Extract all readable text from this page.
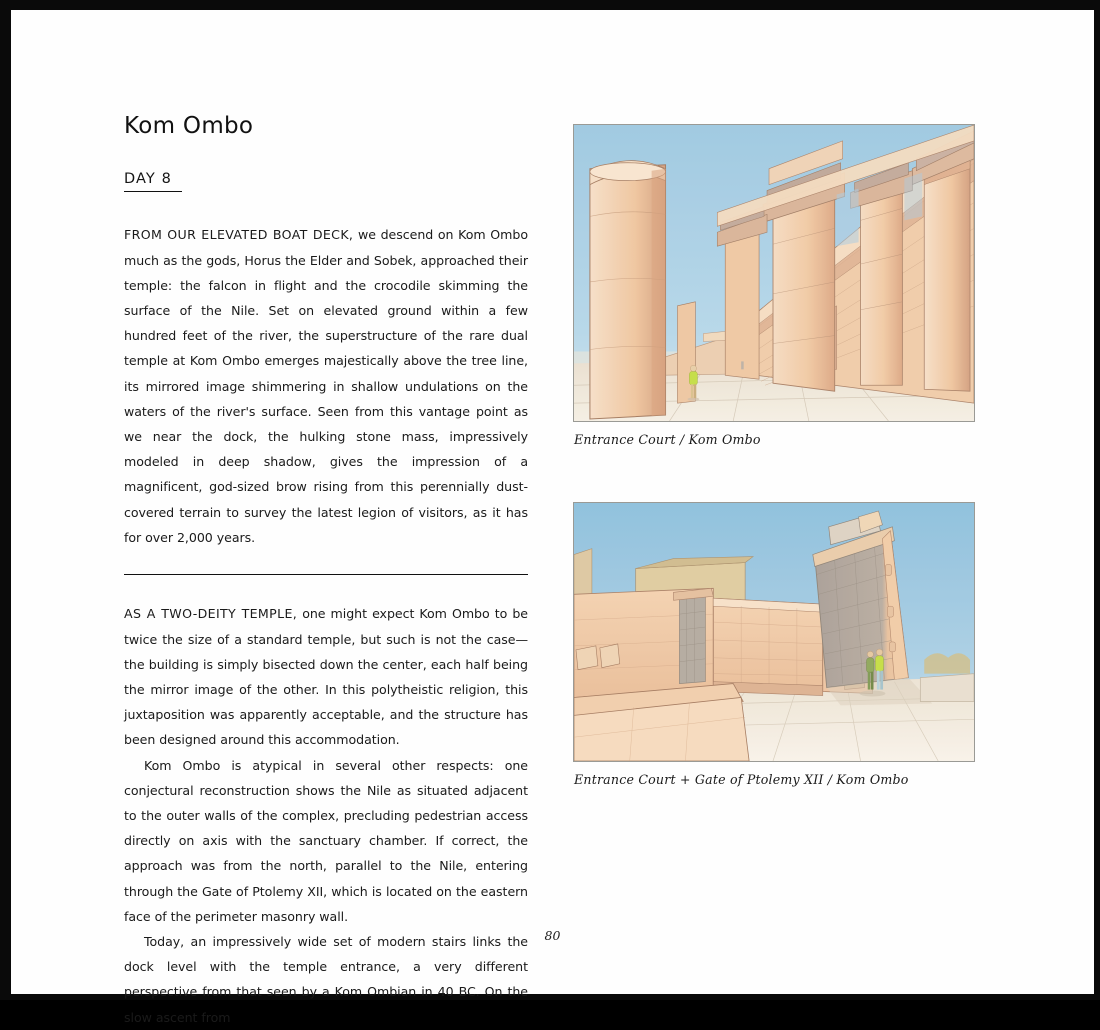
Kom Ombo
DAY 8

FROM OUR ELEVATED BOAT DECK, we descend on Kom Ombo much as the gods, Horus the Elder and Sobek, approached their temple: the falcon in flight and the crocodile skimming the surface of the Nile. Set on elevated ground within a few hundred feet of the river, the superstructure of the rare dual temple at Kom Ombo emerges majestically above the tree line, its mirrored image shimmering in shallow undulations on the waters of the river's surface. Seen from this vantage point as we near the dock, the hulking stone mass, impressively modeled in deep shadow, gives the impression of a magnificent, god-sized brow rising from this perennially dust-covered terrain to survey the latest legion of visitors, as it has for over 2,000 years.

AS A TWO-DEITY TEMPLE, one might expect Kom Ombo to be twice the size of a standard temple, but such is not the case—the building is simply bisected down the center, each half being the mirror image of the other. In this polytheistic religion, this juxtaposition was apparently acceptable, and the structure has been designed around this accommodation.

Kom Ombo is atypical in several other respects: one conjectural reconstruction shows the Nile as situated adjacent to the outer walls of the complex, precluding pedestrian access directly on axis with the sanctuary chamber. If correct, the approach was from the north, parallel to the Nile, entering through the Gate of Ptolemy XII, which is located on the eastern face of the perimeter masonry wall.

Today, an impressively wide set of modern stairs links the dock level with the temple entrance, a very different perspective from that seen by a Kom Ombian in 40 BC. On the slow ascent from

Entrance Court / Kom Ombo
Entrance Court + Gate of Ptolemy XII / Kom Ombo
80
